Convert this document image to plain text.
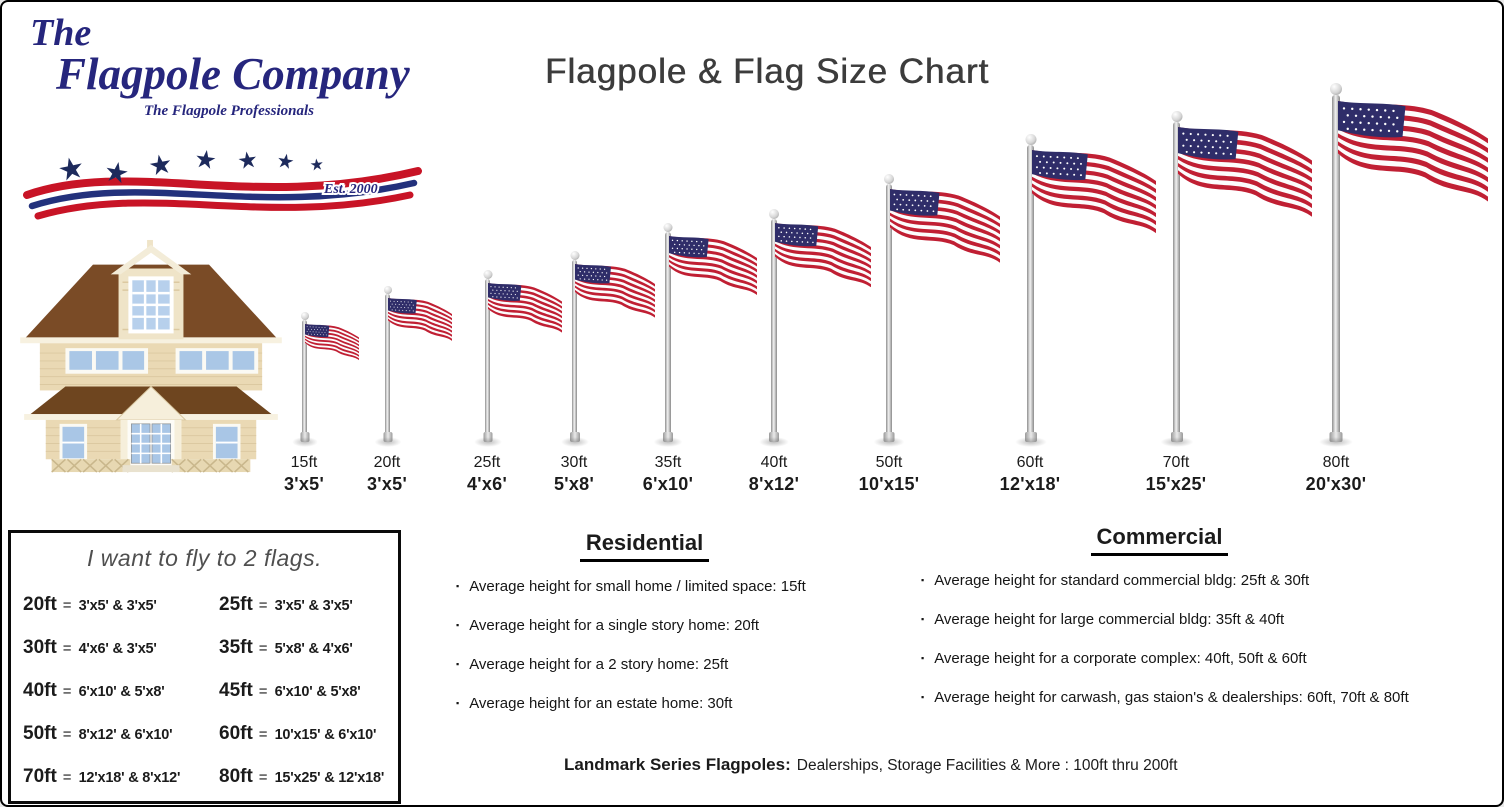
The
Flagpole Company
The Flagpole Professionals
★ ★ ★ ★ ★ ★ ★
Est. 2000
Flagpole & Flag Size Chart
15ft
3'x5'
20ft
3'x5'
25ft
4'x6'
30ft
5'x8'
35ft
6'x10'
40ft
8'x12'
50ft
10'x15'
60ft
12'x18'
70ft
15'x25'
80ft
20'x30'
I want to fly to 2 flags.
20ft = 3'x5' & 3'x5'	25ft = 3'x5' & 3'x5'
30ft = 4'x6' & 3'x5'	35ft = 5'x8' & 4'x6'
40ft = 6'x10' & 5'x8'	45ft = 6'x10' & 5'x8'
50ft = 8'x12' & 6'x10' 60ft = 10'x15' & 6'x10'
70ft = 12'x18' & 8'x12' 80ft = 15'x25' & 12'x18'
Residential
▪ Average height for small home / limited space: 15ft
▪ Average height for a single story home: 20ft
▪ Average height for a 2 story home: 25ft
▪ Average height for an estate home: 30ft
Commercial
▪ Average height for standard commercial bldg: 25ft & 30ft
▪ Average height for large commercial bldg: 35ft & 40ft
▪ Average height for a corporate complex: 40ft, 50ft & 60ft
▪ Average height for carwash, gas staion's & dealerships: 60ft, 70ft & 80ft
Landmark Series Flagpoles: Dealerships, Storage Facilities & More : 100ft thru 200ft
